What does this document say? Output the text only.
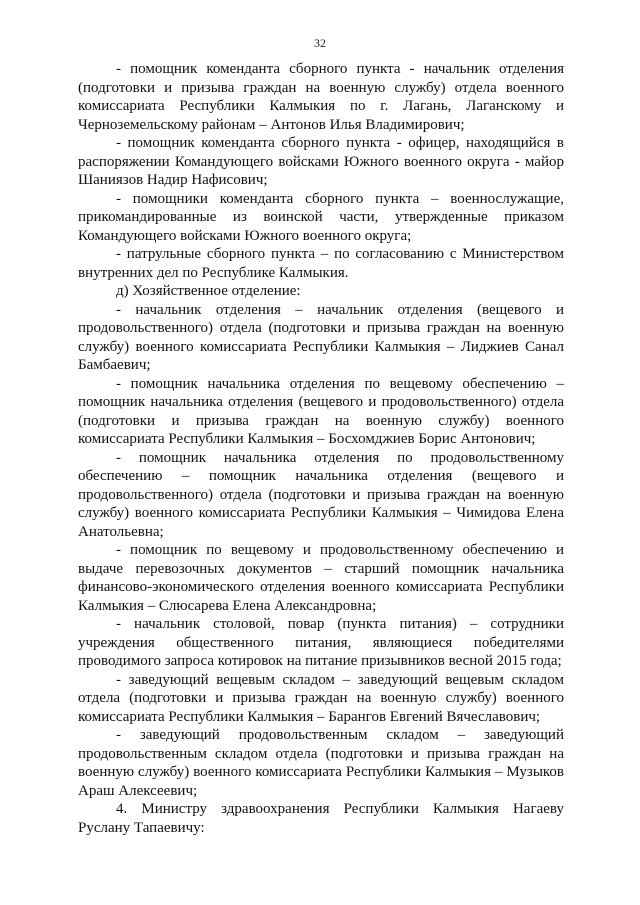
32

- помощник коменданта сборного пункта - начальник отделения (подготовки и призыва граждан на военную службу) отдела военного комиссариата Республики Калмыкия по г. Лагань, Лаганскому и Черноземельскому районам – Антонов Илья Владимирович;

- помощник коменданта сборного пункта - офицер, находящийся в распоряжении Командующего войсками Южного военного округа - майор Шаниязов Надир Нафисович;

- помощники коменданта сборного пункта – военнослужащие, прикомандированные из воинской части, утвержденные приказом Командующего войсками Южного военного округа;

- патрульные сборного пункта – по согласованию с Министерством внутренних дел по Республике Калмыкия.

д) Хозяйственное отделение:

- начальник отделения – начальник отделения (вещевого и продовольственного) отдела (подготовки и призыва граждан на военную службу) военного комиссариата Республики Калмыкия – Лиджиев Санал Бамбаевич;

- помощник начальника отделения по вещевому обеспечению – помощник начальника отделения (вещевого и продовольственного) отдела (подготовки и призыва граждан на военную службу) военного комиссариата Республики Калмыкия – Босхомджиев Борис Антонович;

- помощник начальника отделения по продовольственному обеспечению – помощник начальника отделения (вещевого и продовольственного) отдела (подготовки и призыва граждан на военную службу) военного комиссариата Республики Калмыкия – Чимидова Елена Анатольевна;

- помощник по вещевому и продовольственному обеспечению и выдаче перевозочных документов – старший помощник начальника финансово-экономического отделения военного комиссариата Республики Калмыкия – Слюсарева Елена Александровна;

- начальник столовой, повар (пункта питания) – сотрудники учреждения общественного питания, являющиеся победителями проводимого запроса котировок на питание призывников весной 2015 года;

- заведующий вещевым складом – заведующий вещевым складом отдела (подготовки и призыва граждан на военную службу) военного комиссариата Республики Калмыкия – Барангов Евгений Вячеславович;

- заведующий продовольственным складом – заведующий продовольственным складом отдела (подготовки и призыва граждан на военную службу) военного комиссариата Республики Калмыкия – Музыков Араш Алексеевич;

4. Министру здравоохранения Республики Калмыкия Нагаеву Руслану Тапаевичу:
